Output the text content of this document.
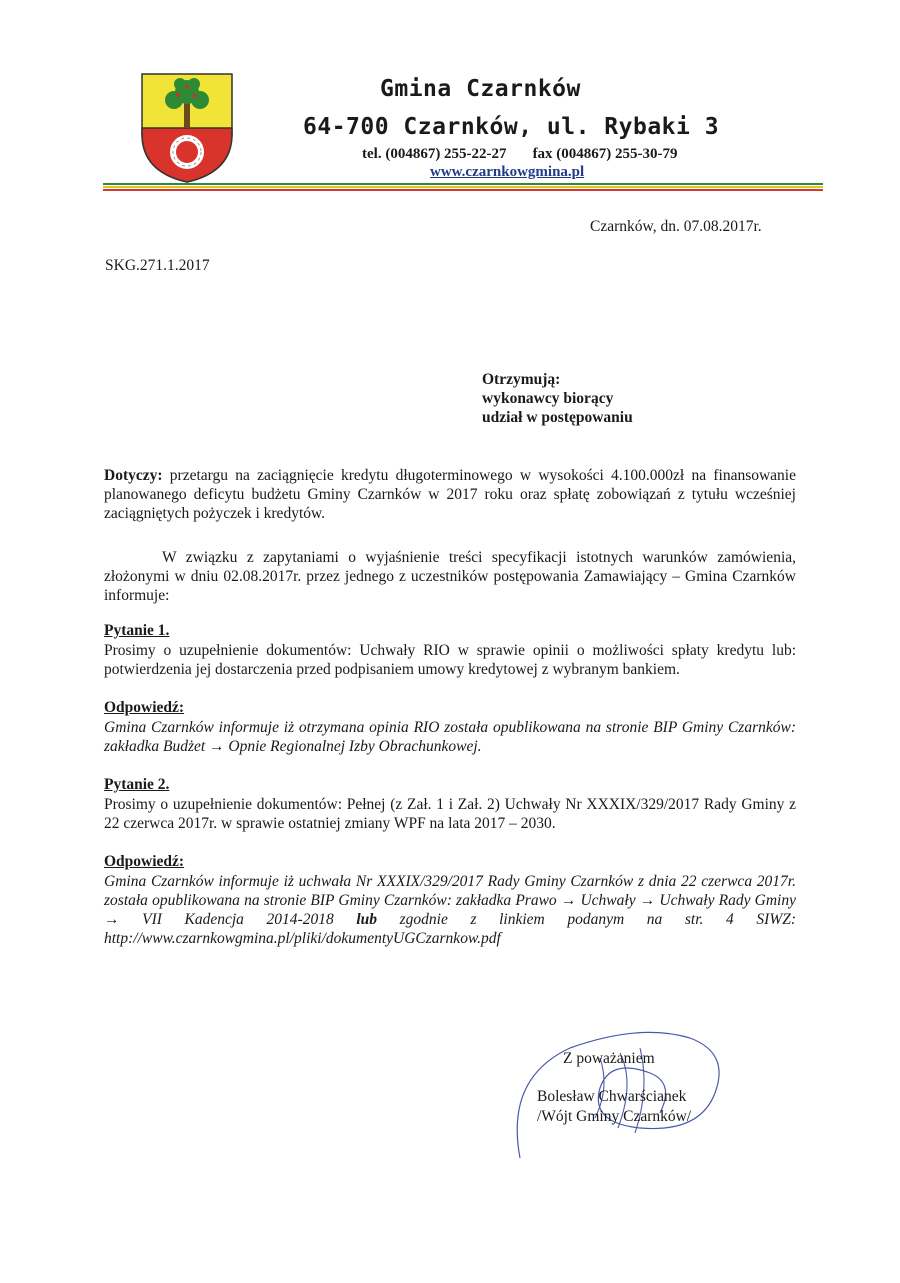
Gmina Czarnków
64-700 Czarnków, ul. Rybaki 3
tel. (004867) 255-22-27 fax (004867) 255-30-79
www.czarnkowgmina.pl
Czarnków, dn. 07.08.2017r.
SKG.271.1.2017
Otrzymują:
wykonawcy biorący
udział w postępowaniu
Dotyczy: przetargu na zaciągnięcie kredytu długoterminowego w wysokości 4.100.000zł na finansowanie planowanego deficytu budżetu Gminy Czarnków w 2017 roku oraz spłatę zobowiązań z tytułu wcześniej zaciągniętych pożyczek i kredytów.
W związku z zapytaniami o wyjaśnienie treści specyfikacji istotnych warunków zamówienia, złożonymi w dniu 02.08.2017r. przez jednego z uczestników postępowania Zamawiający – Gmina Czarnków informuje:
Pytanie 1.
Prosimy o uzupełnienie dokumentów: Uchwały RIO w sprawie opinii o możliwości spłaty kredytu lub: potwierdzenia jej dostarczenia przed podpisaniem umowy kredytowej z wybranym bankiem.
Odpowiedź:
Gmina Czarnków informuje iż otrzymana opinia RIO została opublikowana na stronie BIP Gminy Czarnków: zakładka Budżet → Opnie Regionalnej Izby Obrachunkowej.
Pytanie 2.
Prosimy o uzupełnienie dokumentów: Pełnej (z Zał. 1 i Zał. 2) Uchwały Nr XXXIX/329/2017 Rady Gminy z 22 czerwca 2017r. w sprawie ostatniej zmiany WPF na lata 2017 – 2030.
Odpowiedź:
Gmina Czarnków informuje iż uchwała Nr XXXIX/329/2017 Rady Gminy Czarnków z dnia 22 czerwca 2017r. została opublikowana na stronie BIP Gminy Czarnków: zakładka Prawo → Uchwały → Uchwały Rady Gminy → VII Kadencja 2014-2018 lub zgodnie z linkiem podanym na str. 4 SIWZ: http://www.czarnkowgmina.pl/pliki/dokumentyUGCzarnkow.pdf
Z poważaniem
Bolesław Chwarścianek
/Wójt Gminy Czarnków/
